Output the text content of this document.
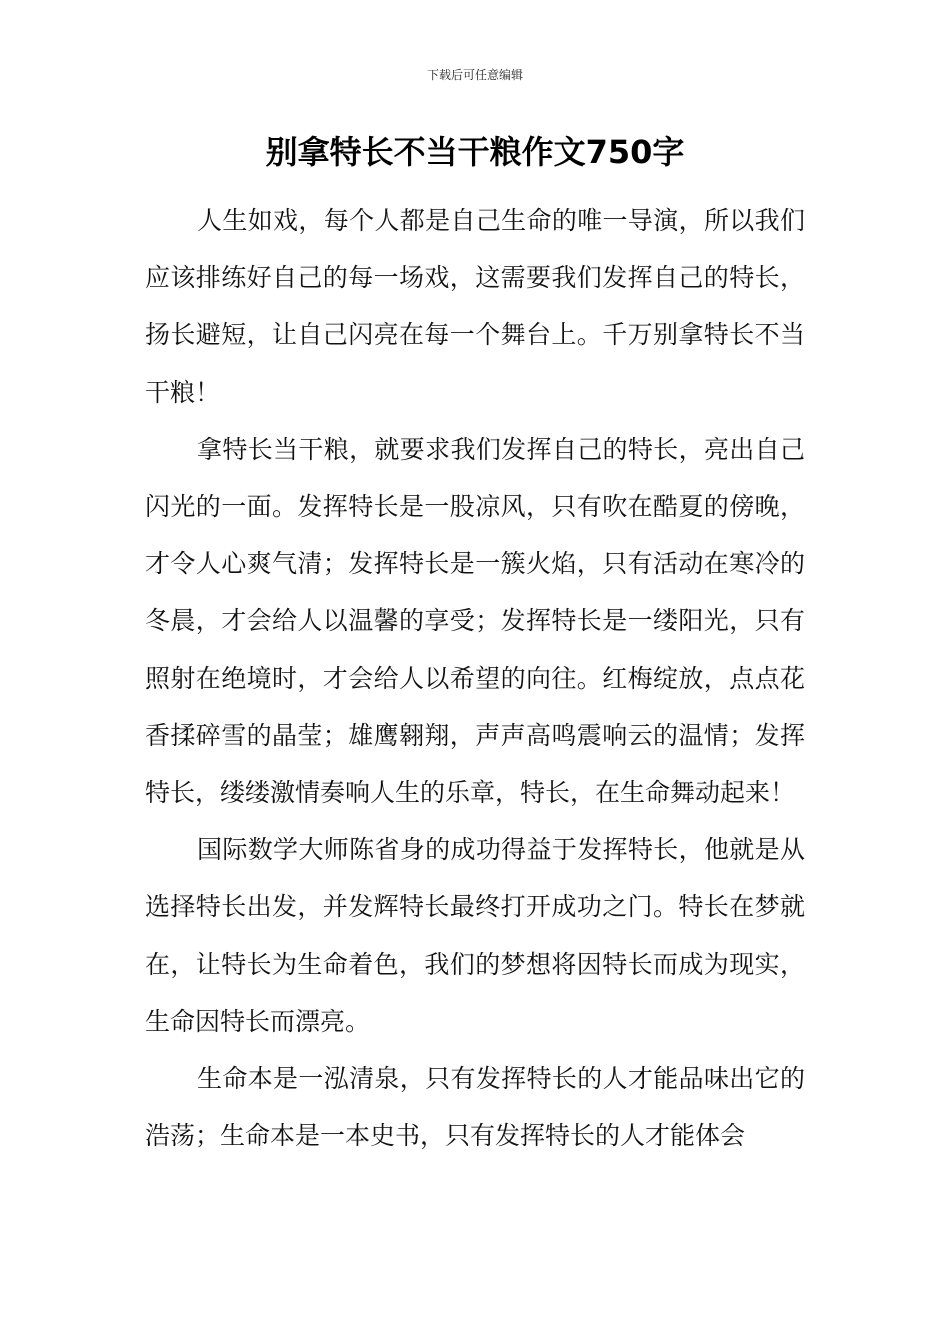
下载后可任意编辑
别拿特长不当干粮作文750字

人生如戏，每个人都是自己生命的唯一导演，所以我们应该排练好自己的每一场戏，这需要我们发挥自己的特长，扬长避短，让自己闪亮在每一个舞台上。千万别拿特长不当干粮！

拿特长当干粮，就要求我们发挥自己的特长，亮出自己闪光的一面。发挥特长是一股凉风，只有吹在酷夏的傍晚，才令人心爽气清；发挥特长是一簇火焰，只有活动在寒冷的冬晨，才会给人以温馨的享受；发挥特长是一缕阳光，只有照射在绝境时，才会给人以希望的向往。红梅绽放，点点花香揉碎雪的晶莹；雄鹰翱翔，声声高鸣震响云的温情；发挥特长，缕缕激情奏响人生的乐章，特长，在生命舞动起来！

国际数学大师陈省身的成功得益于发挥特长，他就是从选择特长出发，并发辉特长最终打开成功之门。特长在梦就在，让特长为生命着色，我们的梦想将因特长而成为现实，生命因特长而漂亮。

生命本是一泓清泉，只有发挥特长的人才能品味出它的浩荡；生命本是一本史书，只有发挥特长的人才能体会
